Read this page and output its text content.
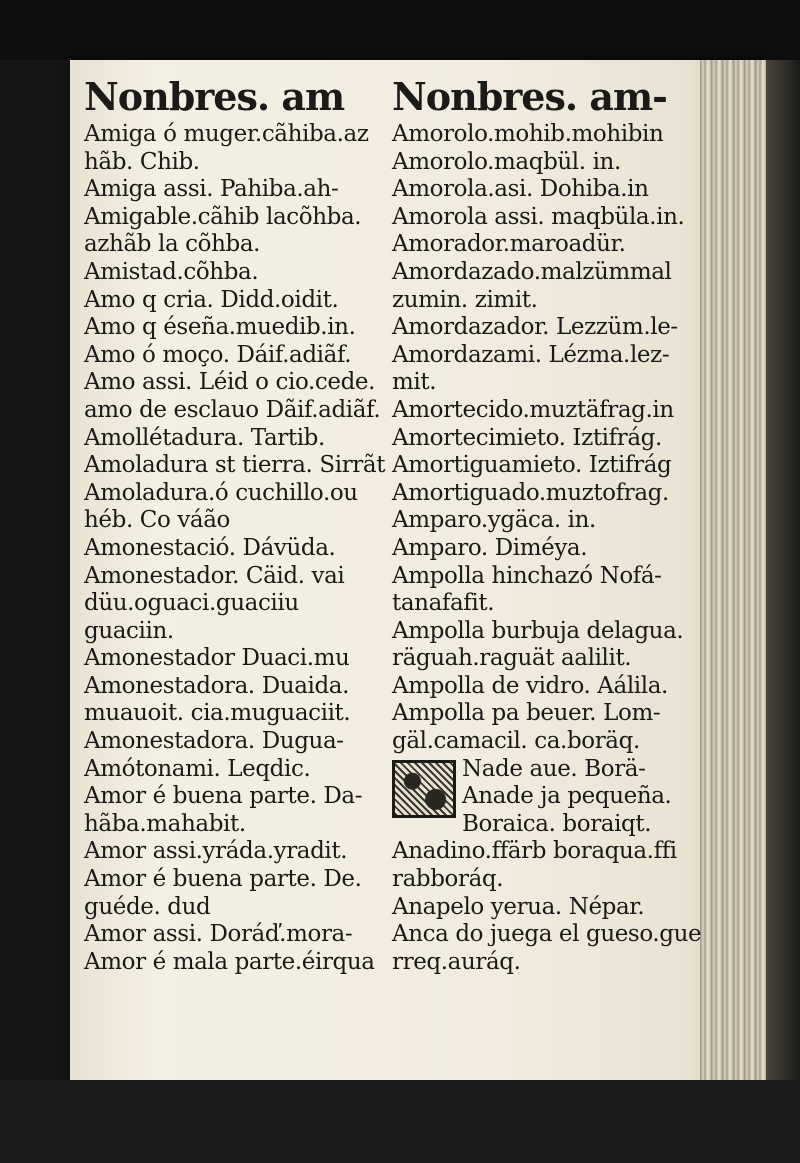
Nonbres. am
Amiga ó muger.cãhiba.az
hãb. Chib.
Amiga assi. Pahiba.ah-
Amigable.cãhib lacõhba.
azhãb la cõhba.
Amistad.cõhba.
Amo q cria. Didd.oidit.
Amo q éseña.muedib.in.
Amo ó moço. Dáif.adiãf.
Amo assi. Léid o cio.cede.
amo de esclauo Dãif.adiãf.
Amollétadura. Tartib.
Amoladura st tierra. Sirrãt
Amoladura.ó cuchillo.ou
héb. Co váão
Amonestació. Dávüda.
Amonestador. Cäid. vai
düu.oguaci.guaciiu
guaciin.
Amonestador Duaci.mu
Amonestadora. Duaida.
muauoit. cia.muguaciit.
Amonestadora. Dugua-
Amótonami. Leqdic.
Amor é buena parte. Da-
hãba.mahabit.
Amor assi.yráda.yradit.
Amor é buena parte. De.
guéde. dud
Amor assi. Doráď.mora-
Amor é mala parte.éirqua
Nonbres. am-
Amorolo.mohib.mohibin
Amorolo.maqbül. in.
Amorola.asi. Dohiba.in
Amorola assi. maqbüla.in.
Amorador.maroadür.
Amordazado.malzümmal
zumin. zimit.
Amordazador. Lezzüm.le-
Amordazami. Lézma.lez-
mit.
Amortecido.muztäfrag.in
Amortecimieto. Iztifrág.
Amortiguamieto. Iztifrág
Amortiguado.muztofrag.
Amparo.ygäca. in.
Amparo. Diméya.
Ampolla hinchazó Nofá-
tanafafit.
Ampolla burbuja delagua.
räguah.raguät aalilit.
Ampolla de vidro. Aálila.
Ampolla pa beuer. Lom-
gäl.camacil. ca.boräq.
Nade aue. Borä-
Anade ja pequeña.
Boraica. boraiqt.
Anadino.ffärb boraqua.ffi
rabboráq.
Anapelo yerua. Népar.
Anca do juega el gueso.gue
rreq.auráq.
